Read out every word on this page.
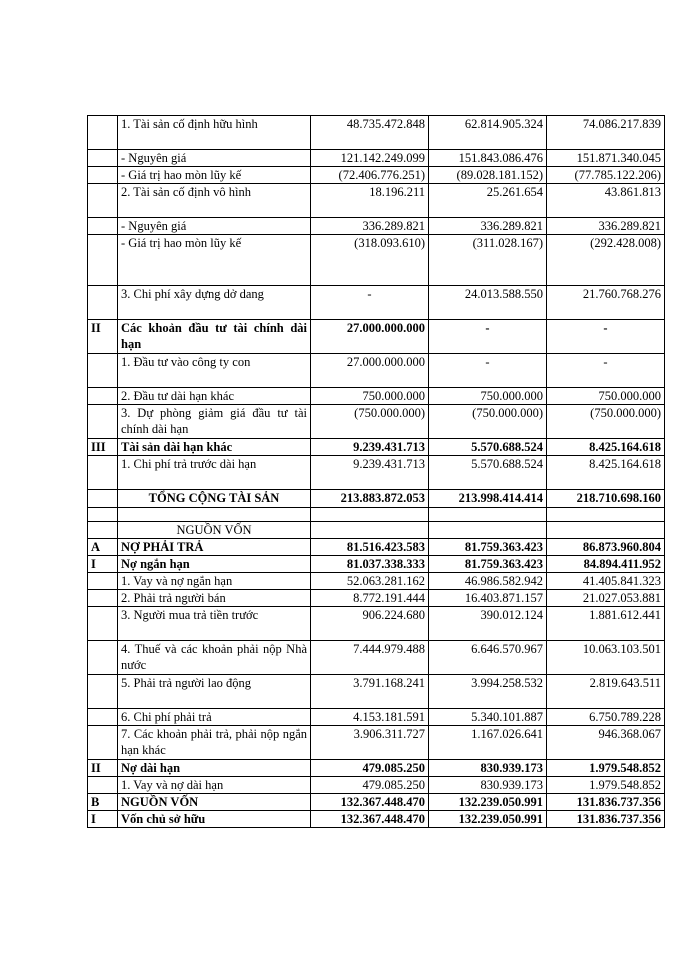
	1. Tài sản cố định hữu hình	48.735.472.848	62.814.905.324	74.086.217.839
	- Nguyên giá	121.142.249.099	151.843.086.476	151.871.340.045
	- Giá trị hao mòn lũy kế	(72.406.776.251)	(89.028.181.152)	(77.785.122.206)
	2. Tài sản cố định vô hình	18.196.211	25.261.654	43.861.813
	- Nguyên giá	336.289.821	336.289.821	336.289.821
	- Giá trị hao mòn lũy kế	(318.093.610)	(311.028.167)	(292.428.008)
	3. Chi phí xây dựng dở dang	-	24.013.588.550	21.760.768.276
II	Các khoản đầu tư tài chính dài hạn	27.000.000.000	-	-
	1. Đầu tư vào công ty con	27.000.000.000	-	-
	2. Đầu tư dài hạn khác	750.000.000	750.000.000	750.000.000
	3. Dự phòng giảm giá đầu tư tài chính dài hạn	(750.000.000)	(750.000.000)	(750.000.000)
III	Tài sản dài hạn khác	9.239.431.713	5.570.688.524	8.425.164.618
	1. Chi phí trả trước dài hạn	9.239.431.713	5.570.688.524	8.425.164.618
	TỔNG CỘNG TÀI SẢN	213.883.872.053	213.998.414.414	218.710.698.160

	NGUỒN VỐN			
A	NỢ PHẢI TRẢ	81.516.423.583	81.759.363.423	86.873.960.804
I	Nợ ngắn hạn	81.037.338.333	81.759.363.423	84.894.411.952
	1. Vay và nợ ngắn hạn	52.063.281.162	46.986.582.942	41.405.841.323
	2. Phải trả người bán	8.772.191.444	16.403.871.157	21.027.053.881
	3. Người mua trả tiền trước	906.224.680	390.012.124	1.881.612.441
	4. Thuế và các khoản phải nộp Nhà nước	7.444.979.488	6.646.570.967	10.063.103.501
	5. Phải trả người lao động	3.791.168.241	3.994.258.532	2.819.643.511
	6. Chi phí phải trả	4.153.181.591	5.340.101.887	6.750.789.228
	7. Các khoản phải trả, phải nộp ngắn hạn khác	3.906.311.727	1.167.026.641	946.368.067
II	Nợ dài hạn	479.085.250	830.939.173	1.979.548.852
	1. Vay và nợ dài hạn	479.085.250	830.939.173	1.979.548.852
B	NGUỒN VỐN	132.367.448.470	132.239.050.991	131.836.737.356
I	Vốn chủ sở hữu	132.367.448.470	132.239.050.991	131.836.737.356
